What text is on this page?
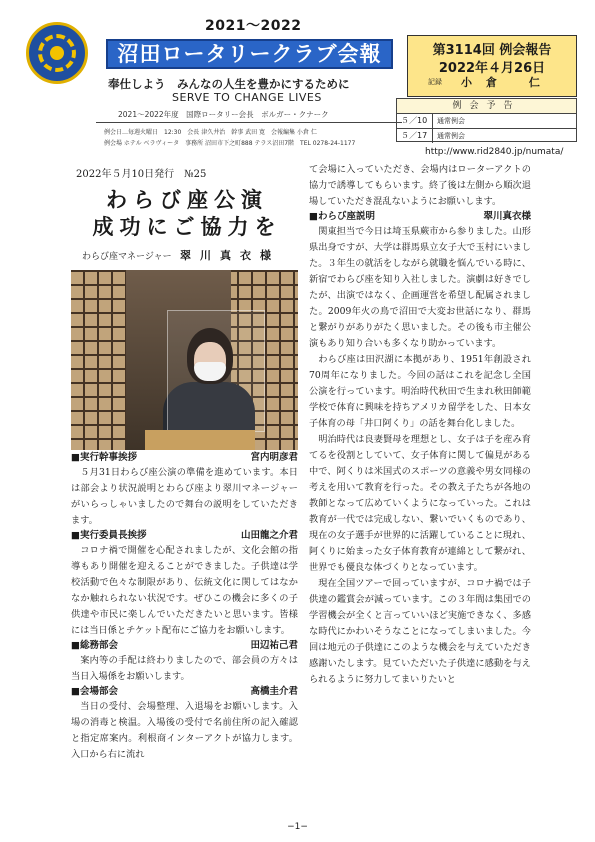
2021〜2022
沼田ロータリークラブ会報
奉仕しよう　みんなの人生を豊かにするために
SERVE TO CHANGE LIVES
2021〜2022年度　国際ロータリー会長　ボルガー・クナーク
例会日…毎週火曜日　12:30　会長 津久井治　幹事 武田 寛　会報編集 小倉 仁
例会場 ホテル ベラヴィータ　事務所 沼田市下之町888 テラス沼田7階　TEL 0278-24-1177
第3114回 例会報告
2022年４月26日
記録 小倉 仁
例会予告
５／10	通常例会
５／17	通常例会
http://www.rid2840.jp/numata/
2022年５月10日発行　№25
わらび座公演
成功にご協力を
わらび座マネージャー 翠川真衣様
■実行幹事挨拶	宮内明彦君
５月31日わらび座公演の準備を進めています。本日は部会より状況説明とわらび座より翠川マネージャーがいらっしゃいましたので舞台の説明をしていただきます。
■実行委員長挨拶	山田龍之介君
コロナ禍で開催を心配されましたが、文化会館の指導もあり開催を迎えることができました。子供達は学校活動で色々な制限があり、伝統文化に関してはなかなか触れられない状況です。ぜひこの機会に多くの子供達や市民に楽しんでいただきたいと思います。皆様には当日係とチケット配布にご協力をお願いします。
■総務部会	田辺祐己君
案内等の手配は終わりましたので、部会員の方々は当日入場係をお願いします。
■会場部会	高橋圭介君
当日の受付、会場整理、入退場をお願いします。入場の消毒と検温。入場後の受付で名前住所の記入確認と指定席案内。利根商インターアクトが協力します。入口から右に流れ
て会場に入っていただき、会場内はローターアクトの協力で誘導してもらいます。終了後は左側から順次退場していただき混乱ないようにお願いします。
■わらび座説明	翠川真衣様
関東担当で今日は埼玉県蕨市から参りました。山形県出身ですが、大学は群馬県立女子大で玉村にいました。３年生の就活をしながら就職を悩んでいる時に、新宿でわらび座を知り入社しました。演劇は好きでしたが、出演ではなく、企画運営を希望し配属されました。2009年火の鳥で沼田で大変お世話になり、群馬と繋がりがありがたく思いました。その後も市主催公演もあり知り合いも多くなり助かっています。
わらび座は田沢湖に本拠があり、1951年創設され70周年になりました。今回の話はこれを記念し全国公演を行っています。明治時代秋田で生まれ秋田師範学校で体育に興味を持ちアメリカ留学をした、日本女子体育の母「井口阿くり」の話を舞台化しました。
明治時代は良妻賢母を理想とし、女子は子を産み育てるを役割としていて、女子体育に関して偏見がある中で、阿くりは米国式のスポーツの意義や男女同様の考えを用いて教育を行った。その教え子たちが各地の教師となって広めていくようになっていった。これは教育が一代では完成しない、繋いでいくものであり、現在の女子選手が世界的に活躍していることに現れ、阿くりに始まった女子体育教育が連綿として繋がれ、世界でも優良な体づくりとなっています。
現在全国ツアーで回っていますが、コロナ禍では子供達の鑑賞会が減っています。この３年間は集団での学習機会が全くと言っていいほど実施できなく、多感な時代にかわいそうなことになってしまいました。今回は地元の子供達にこのような機会を与えていただき感謝いたします。見ていただいた子供達に感動を与えられるように努力してまいりたいと
−1−
